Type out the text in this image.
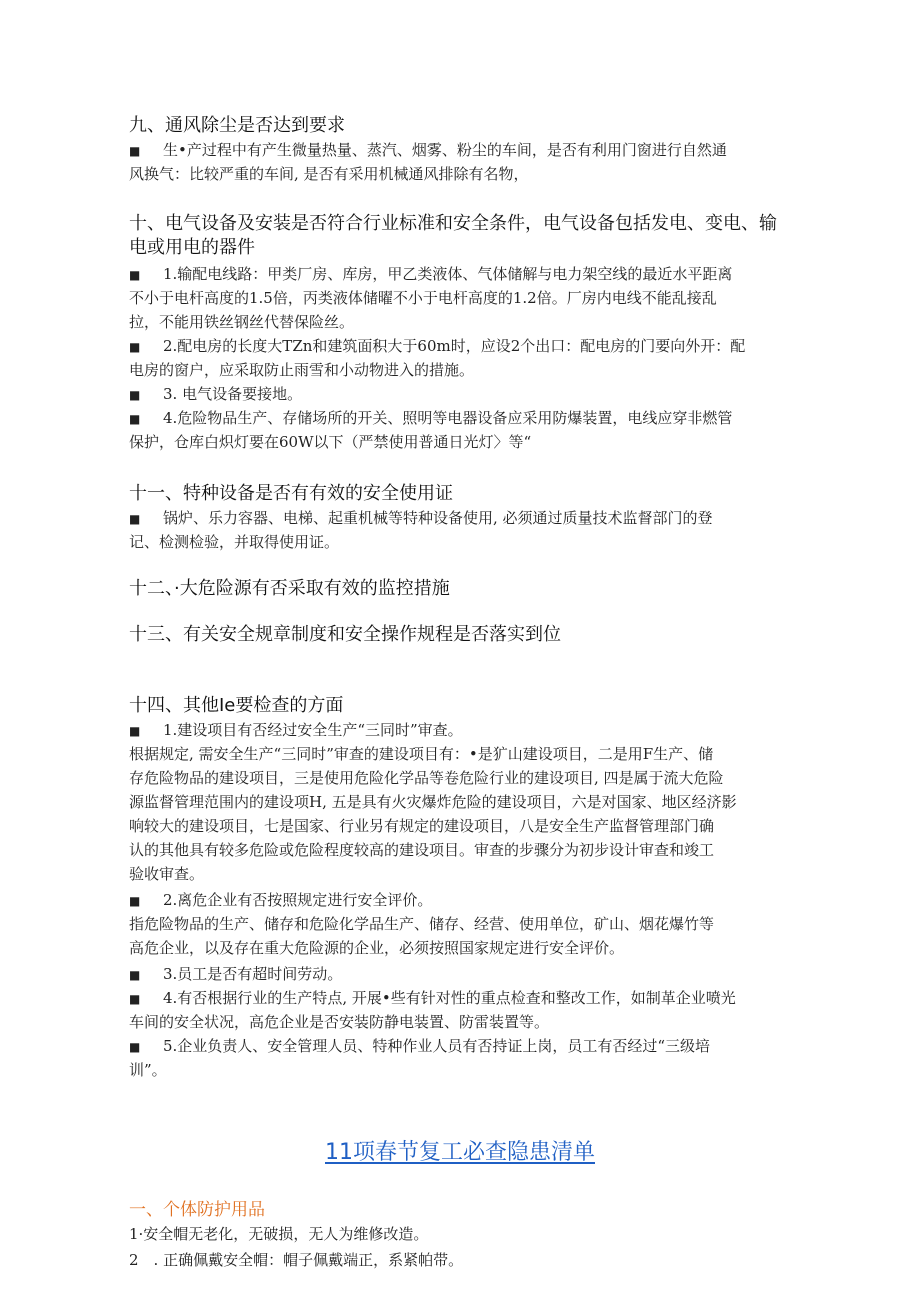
九、通风除尘是否达到要求

■ 生•产过程中有产生微量热量、蒸汽、烟雾、粉尘的车间，是否有利用门窗进行自然通

风换气：比较严重的车间, 是否有采用机械通风排除有名物，

十、电气设备及安装是否符合行业标准和安全条件，电气设备包括发电、变电、输
电或用电的器件

■ 1.输配电线路：甲类厂房、库房，甲乙类液体、气体储解与电力架空线的最近水平距离

不小于电杆高度的1.5倍，丙类液体储曜不小于电杆高度的1.2倍。厂房内电线不能乱接乱

拉，不能用铁丝钢丝代替保险丝。

■ 2.配电房的长度大TZn和建筑面积大于60m时，应设2个出口：配电房的门要向外开：配

电房的窗户，应采取防止雨雪和小动物进入的措施。

■ 3. 电气设备要接地。

■ 4.危险物品生产、存储场所的开关、照明等电器设备应采用防爆装置，电线应穿非燃管

保护，仓库白炽灯要在60W以下（严禁使用普通日光灯〉等“

十一、特种设备是否有有效的安全使用证

■ 锅炉、乐力容器、电梯、起重机械等特种设备使用, 必须通过质量技术监督部门的登

记、检测检验，并取得使用证。

十二、·大危险源有否采取有效的监控措施
十三、有关安全规章制度和安全操作规程是否落实到位
十四、其他Ie要检查的方面

■ 1.建设项目有否经过安全生产“三同时”审查。

根据规定, 需安全生产“三同时”审查的建设项目有：•是犷山建设项目，二是用F生产、储

存危险物品的建设项目，三是使用危险化学品等卷危险行业的建设项目, 四是属于流大危险

源监督管理范围内的建设项H, 五是具有火灾爆炸危险的建设项目，六是对国家、地区经济影

响较大的建设项目，七是国家、行业另有规定的建设项目，八是安全生产监督管理部门确

认的其他具有较多危险或危险程度较高的建设项目。审查的步骤分为初步设计审查和竣工

验收审查。

■ 2.离危企业有否按照规定进行安全评价。

指危险物品的生产、储存和危险化学品生产、储存、经营、使用单位，矿山、烟花爆竹等

高危企业，以及存在重大危险源的企业，必须按照国家规定进行安全评价。

■ 3.员工是否有超时间劳动。

■ 4.有否根据行业的生产特点, 开展•些有针对性的重点检查和整改工作，如制革企业喷光

车间的安全状况，高危企业是否安装防静电装置、防雷装置等。

■ 5.企业负责人、安全管理人员、特种作业人员有否持证上岗，员工有否经过“三级培

训”。

11项春节复工必查隐患清单
一、个体防护用品

1·安全帽无老化，无破损，无人为维修改造。

2　. 正确佩戴安全帽：帽子佩戴端正，系紧帕带。
